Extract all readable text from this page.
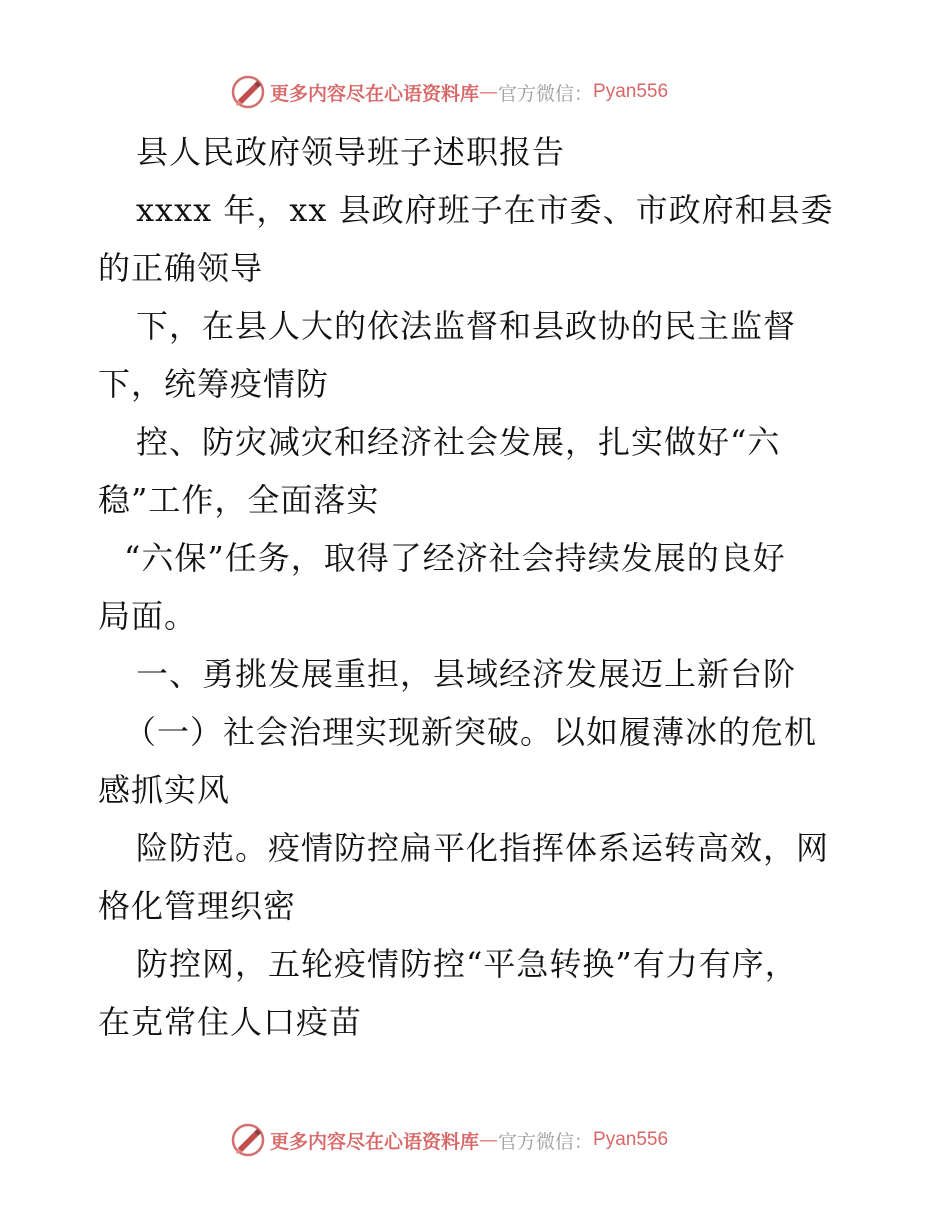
更多内容尽在心语资料库 — 官方微信： Pyan556
县人民政府领导班子述职报告
xxxx 年，xx 县政府班子在市委、市政府和县委
的正确领导
下，在县人大的依法监督和县政协的民主监督
下，统筹疫情防
控、防灾减灾和经济社会发展，扎实做好“六
稳”工作，全面落实
“六保”任务，取得了经济社会持续发展的良好
局面。
一、勇挑发展重担，县域经济发展迈上新台阶
（一）社会治理实现新突破。以如履薄冰的危机
感抓实风
险防范。疫情防控扁平化指挥体系运转高效，网
格化管理织密
防控网，五轮疫情防控“平急转换”有力有序，
在克常住人口疫苗
更多内容尽在心语资料库 — 官方微信： Pyan556
